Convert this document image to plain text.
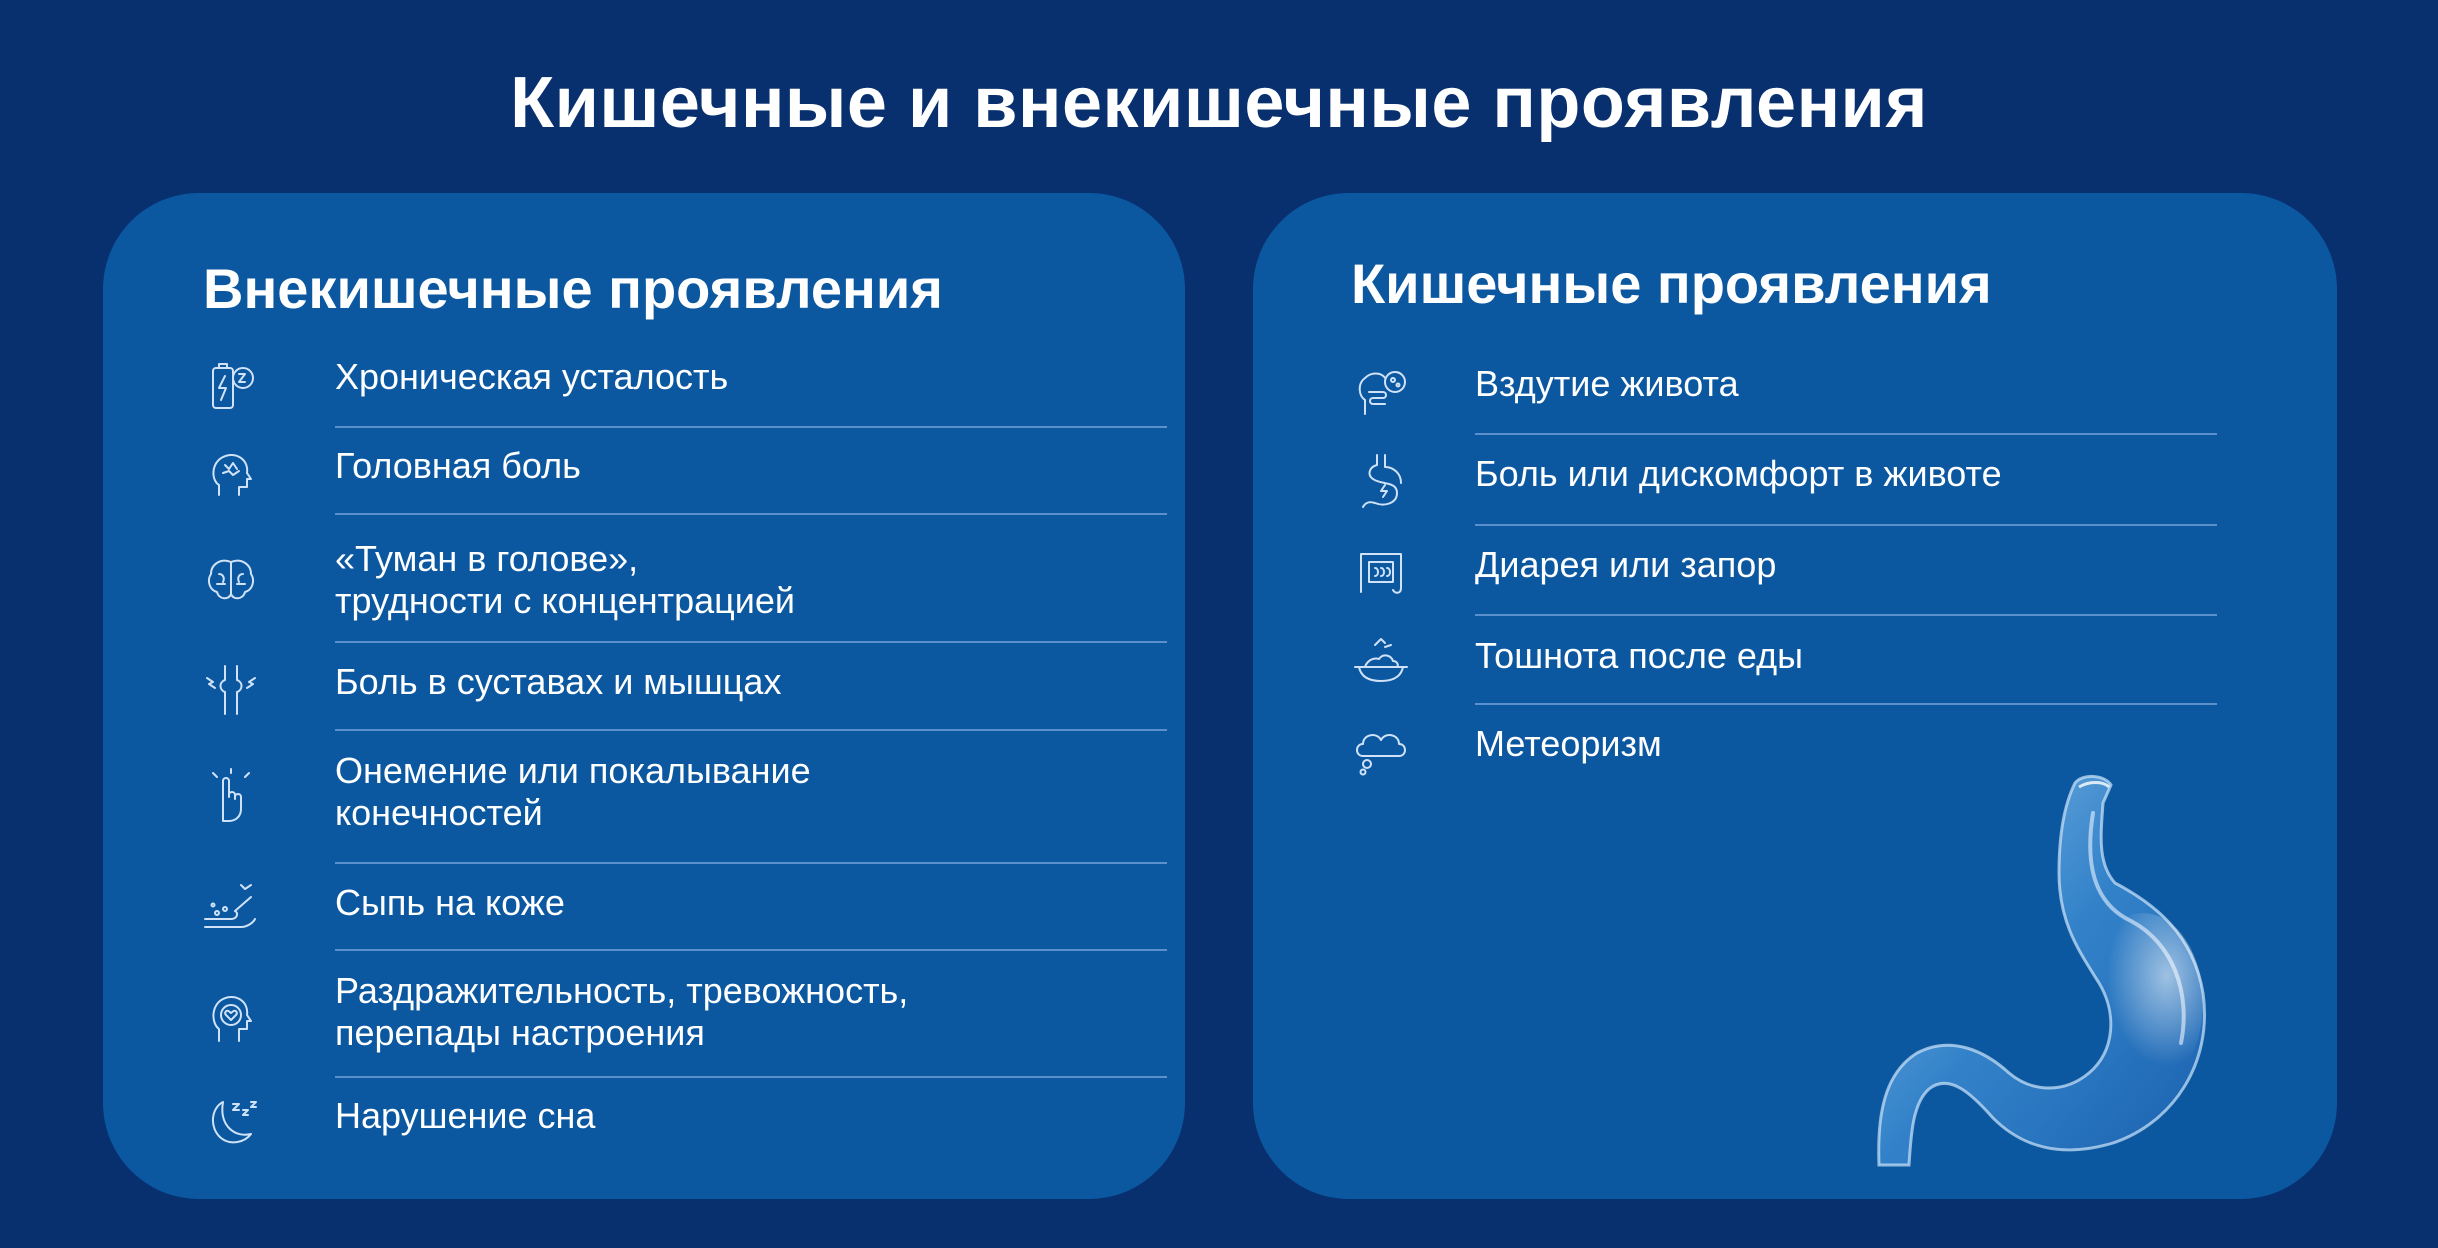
Кишечные и внекишечные проявления
Внекишечные проявления
Хроническая усталость
Головная боль
«Туман в голове»,
трудности с концентрацией
Боль в суставах и мышцах
Онемение или покалывание
конечностей
Сыпь на коже
Раздражительность, тревожность,
перепады настроения
Нарушение сна
Кишечные проявления
Вздутие живота
Боль или дискомфорт в животе
Диарея или запор
Тошнота после еды
Метеоризм
